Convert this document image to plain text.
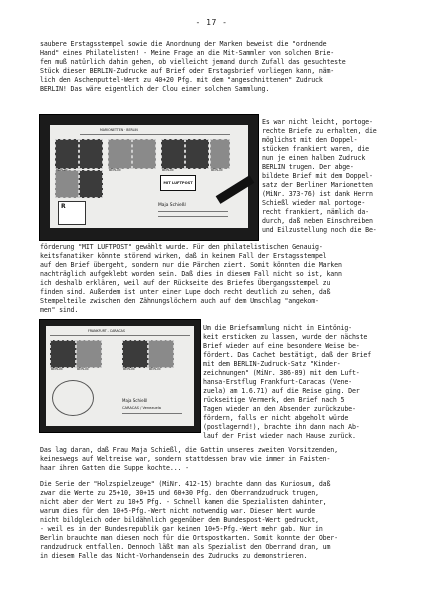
- 17 -
saubere Erstagsstempel sowie die Anordnung der Marken beweist die "ordnende
Hand" eines Philatelisten! - Meine Frage an die Mit-Sammler von solchen Brie-
fen muß natürlich dahin gehen, ob vielleicht jemand durch Zufall das gesuchteste
Stück dieser BERLIN-Zudrucke auf Brief oder Erstagsbrief vorliegen kann, näm-
lich den Aschenputtel-Wert zu 40+20 Pfg. mit dem "angeschnittenen" Zudruck
BERLIN! Das wäre eigentlich der Clou einer solchen Sammlung.
MARIONETTEN · BERLIN
BERLIN	BERLIN	BERLIN	BERLIN
MIT LUFTPOST
R	Maja Schießl
Es war nicht leicht, portoge-
rechte Briefe zu erhalten, die
möglichst mit den Doppel-
stücken frankiert waren, die
nun je einen halben Zudruck
BERLIN trugen. Der abge-
bildete Brief mit dem Doppel-
satz der Berliner Marionetten
(MiNr. 373-76) ist dank Herrn
Schießl wieder mal portoge-
recht frankiert, nämlich da-
durch, daß neben Einschreiben
und Eilzustellung noch die Be-
förderung "MIT LUFTPOST" gewählt wurde. Für den philatelistischen Genauig-
keitsfanatiker könnte störend wirken, daß in keinem Fall der Erstagsstempel
auf den Brief übergeht, sondern nur die Pärchen ziert. Somit könnten die Marken
nachträglich aufgeklebt worden sein. Daß dies in diesem Fall nicht so ist, kann
ich deshalb erklären, weil auf der Rückseite des Briefes Übergangsstempel zu
finden sind. Außerdem ist unter einer Lupe doch recht deutlich zu sehen, daß
Stempelteile zwischen den Zähnungslöchern auch auf dem Umschlag "angekom-
men" sind.
FRANKFURT - CARACAS
BERLIN	BERLIN	BERLIN	BERLIN
Maja Schießl
CARACAS / Venezuela
Um die Briefsammlung nicht in Eintönig-
keit ersticken zu lassen, wurde der nächste
Brief wieder auf eine besondere Weise be-
fördert. Das Cachet bestätigt, daß der Brief
mit dem BERLIN-Zudruck-Satz "Kinder-
zeichnungen" (MiNr. 386-89) mit dem Luft-
hansa-Erstflug Frankfurt-Caracas (Vene-
zuela) am 1.6.71) auf die Reise ging. Der
rückseitige Vermerk, den Brief nach 5
Tagen wieder an den Absender zurückzube-
fördern, falls er nicht abgeholt würde
(postlagernd!), brachte ihn dann nach Ab-
lauf der Frist wieder nach Hause zurück.
Das lag daran, daß Frau Maja Schießl, die Gattin unseres zweiten Vorsitzenden,
keineswegs auf Weltreise war, sondern stattdessen brav wie immer in Faisten-
haar ihren Gatten die Suppe kochte... -
Die Serie der "Holzspielzeuge" (MiNr. 412-15) brachte dann das Kuriosum, daß
zwar die Werte zu 25+10, 30+15 und 60+30 Pfg. den Oberrandzudruck trugen,
nicht aber der Wert zu 10+5 Pfg. - Schnell kamen die Spezialisten dahinter,
warum dies für den 10+5-Pfg.-Wert nicht notwendig war. Dieser Wert wurde
nicht bildgleich oder bildähnlich gegenüber dem Bundespost-Wert gedruckt,
- weil es in der Bundesrepublik gar keinen 10+5-Pfg.-Wert mehr gab. Nur in
Berlin brauchte man diesen noch für die Ortspostkarten. Somit konnte der Ober-
randzudruck entfallen. Dennoch läßt man als Spezialist den Oberrand dran, um
in diesem Falle das Nicht-Vorhandensein des Zudrucks zu demonstrieren.
